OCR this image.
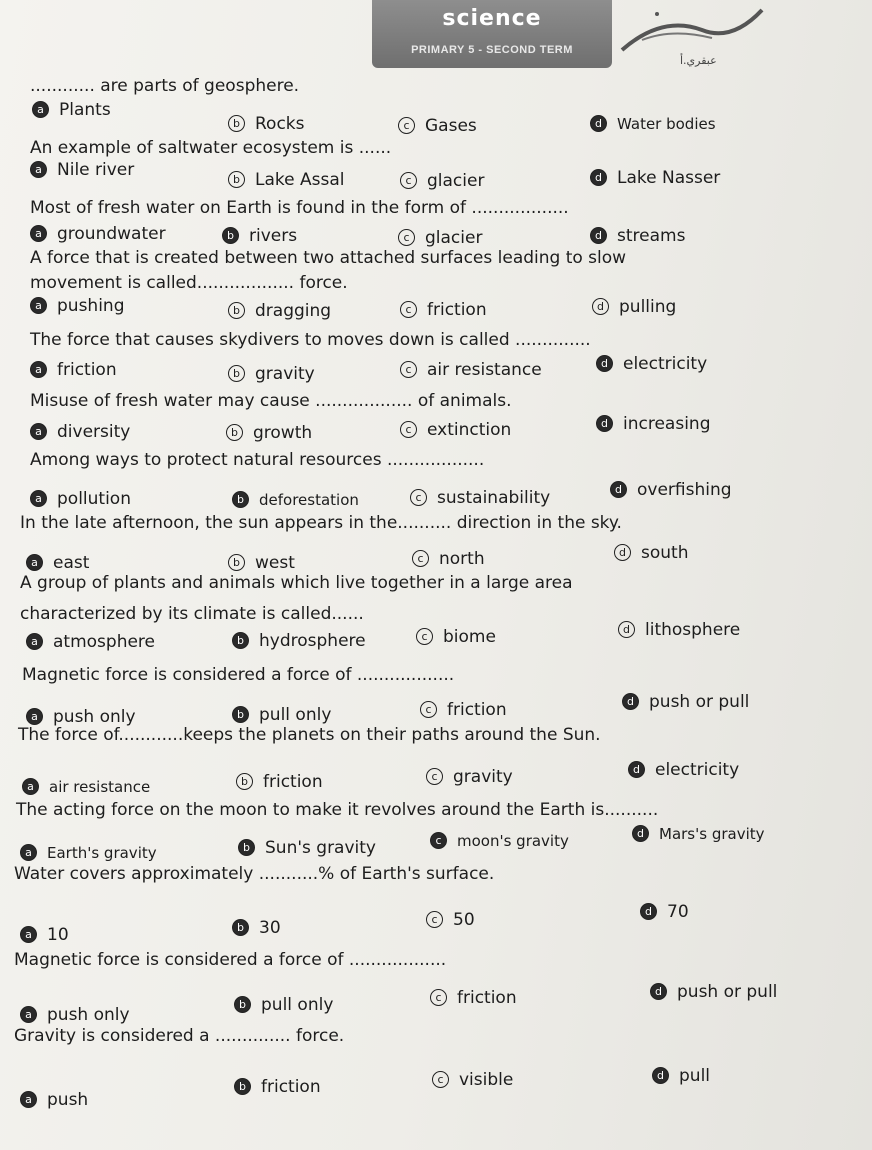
science
PRIMARY 5 - SECOND TERM
عبقري.أ
............ are parts of geosphere.
a Plants
b Rocks	c Gases	d Water bodies
An example of saltwater ecosystem is ......
a Nile river	b Lake Assal	c glacier	d Lake Nasser
Most of fresh water on Earth is found in the form of ..................
a groundwater	b rivers	c glacier	d streams
A force that is created between two attached surfaces leading to slow
movement is called.................. force.
a pushing	b dragging	c friction	d pulling
The force that causes skydivers to moves down is called ..............
a friction	b gravity	c air resistance	d electricity
Misuse of fresh water may cause .................. of animals.
a diversity	b growth	c extinction	d increasing
Among ways to protect natural resources ..................
a pollution	b deforestation	c sustainability	d overfishing
In the late afternoon, the sun appears in the.......... direction in the sky.
a east	b west	c north	d south
A group of plants and animals which live together in a large area
characterized by its climate is called......
a atmosphere	b hydrosphere	c biome	d lithosphere
Magnetic force is considered a force of ..................
a push only	b pull only	c friction	d push or pull
The force of............keeps the planets on their paths around the Sun.
a air resistance	b friction	c gravity	d electricity
The acting force on the moon to make it revolves around the Earth is..........
a Earth's gravity	b Sun's gravity	c moon's gravity	d Mars's gravity
Water covers approximately ...........% of Earth's surface.
a 10	b 30	c 50	d 70
Magnetic force is considered a force of ..................
a push only
b pull only	c friction	d push or pull
Gravity is considered a .............. force.
a push
b friction	c visible	d pull
